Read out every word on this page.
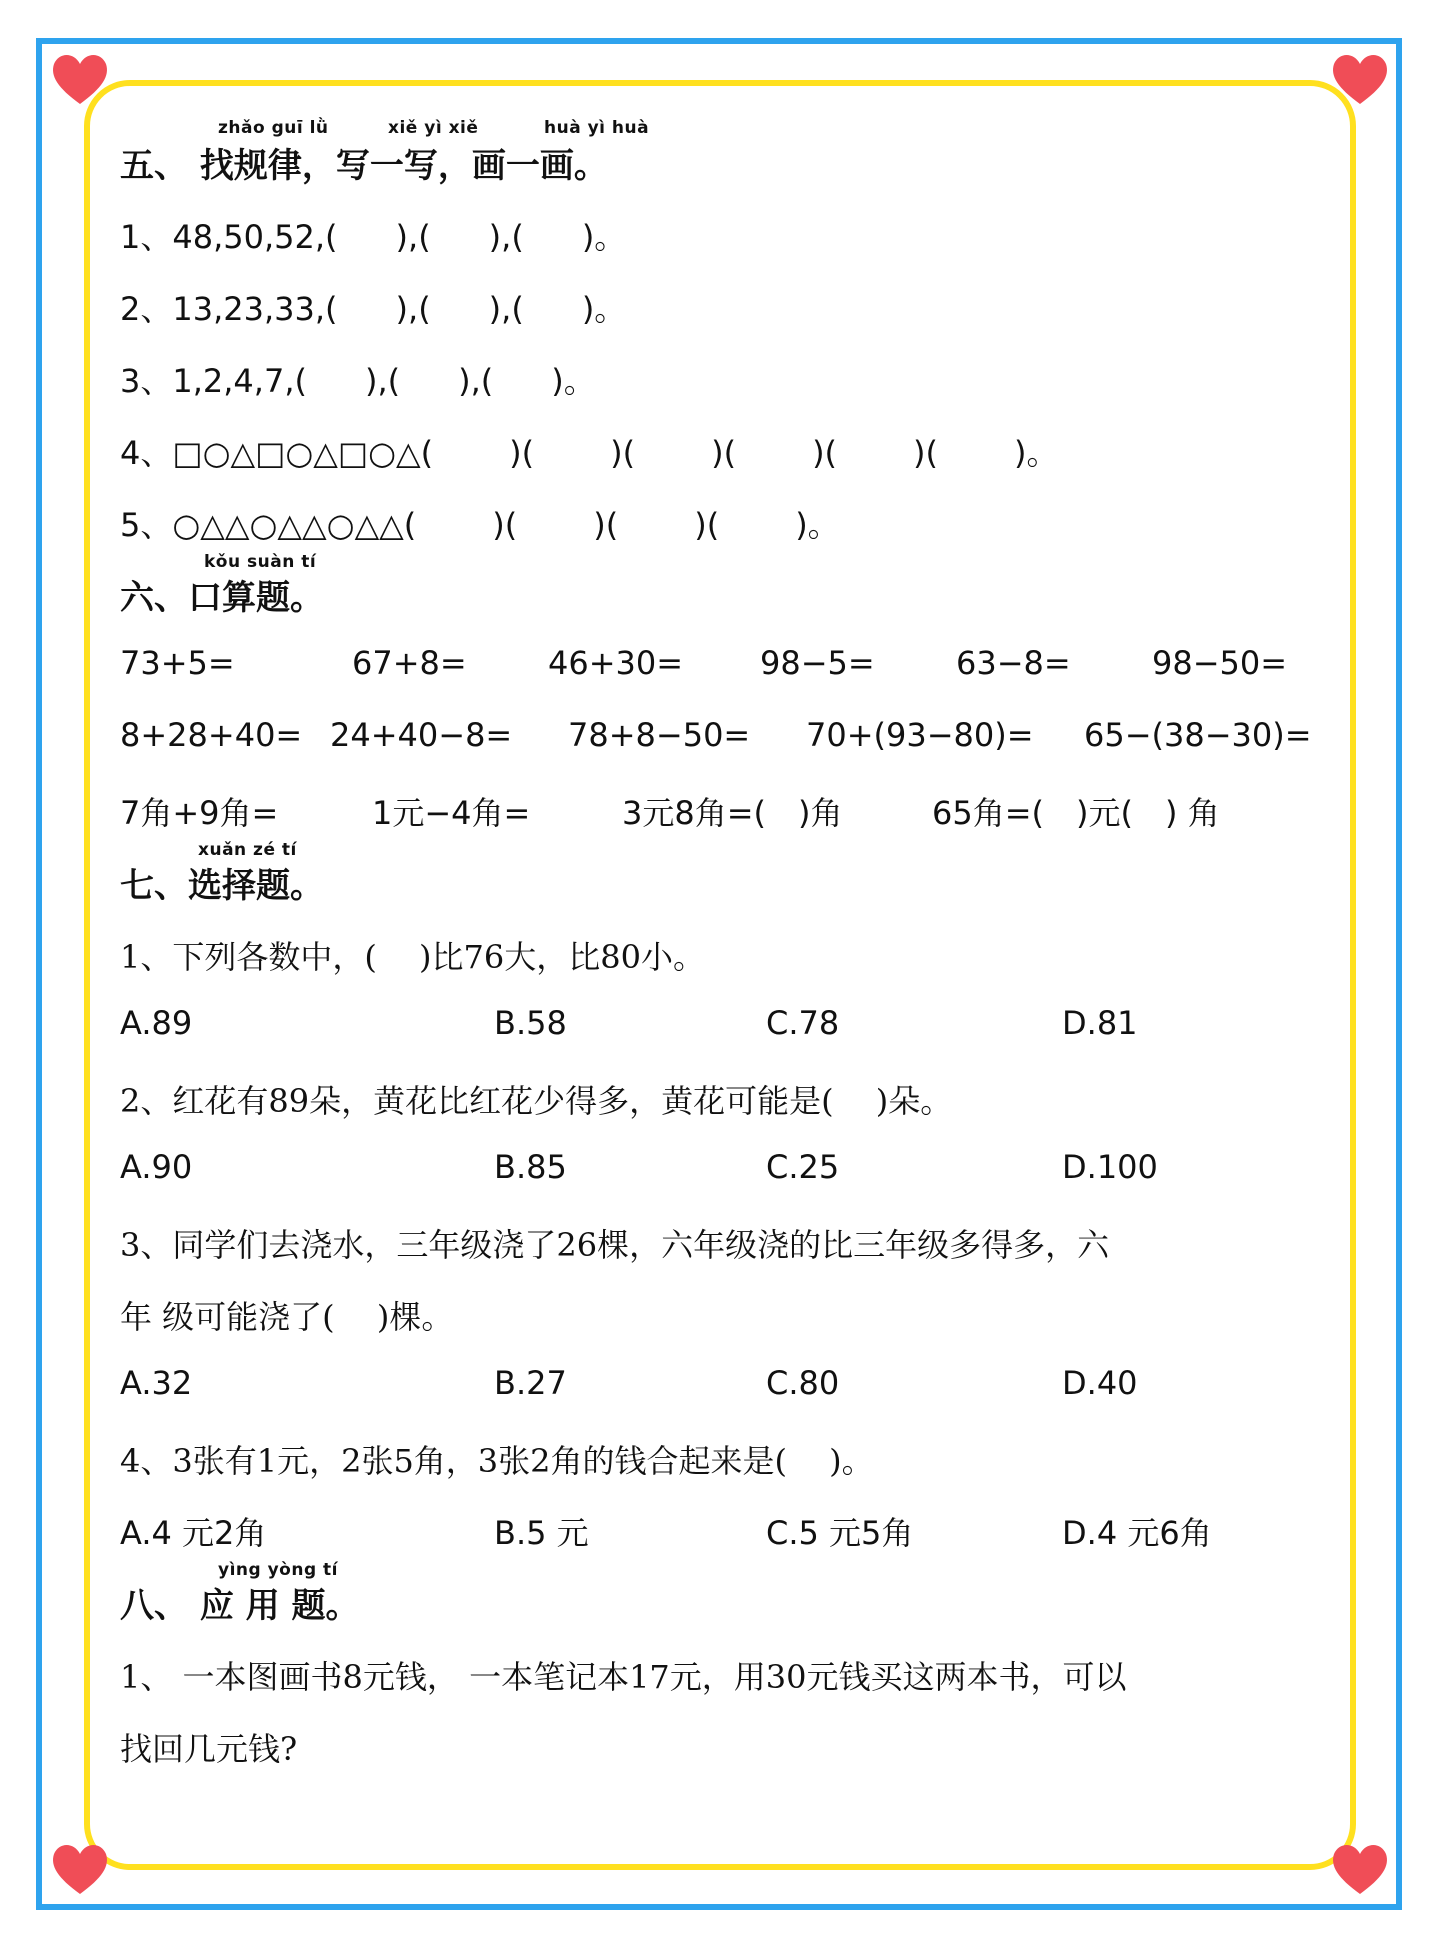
zhǎo guī lǜ	xiě yì xiě	huà yì huà
五、 找规律，写一写，画一画。
1、48,50,52,( ),( ),( )。
2、13,23,33,( ),( ),( )。
3、1,2,4,7,( ),( ),( )。
4、□○△□○△□○△( )( )( )( )( )( )。
5、○△△○△△○△△( )( )( )( )。
kǒu suàn tí
六、口算题。
73+5=	67+8=	46+30= 98−5=	63−8=	98−50=
8+28+40= 24+40−8= 78+8−50= 70+(93−80)= 65−(38−30)=
7角+9角=	1元−4角=	3元8角=(　)角	65角=(　)元(　) 角
xuǎn zé tí
七、选择题。
1、下列各数中，(　 )比76大，比80小。
A.89	B.58	C.78	D.81
2、红花有89朵，黄花比红花少得多，黄花可能是(　 )朵。
A.90	B.85	C.25	D.100
3、同学们去浇水，三年级浇了26棵，六年级浇的比三年级多得多，六
年 级可能浇了(　 )棵。
A.32	B.27	C.80	D.40
4、3张有1元，2张5角，3张2角的钱合起来是(　 )。
A.4 元2角	B.5 元	C.5 元5角	D.4 元6角
yìng yòng tí
八、 应 用 题。
1、 一本图画书8元钱， 一本笔记本17元，用30元钱买这两本书，可以
找回几元钱?
